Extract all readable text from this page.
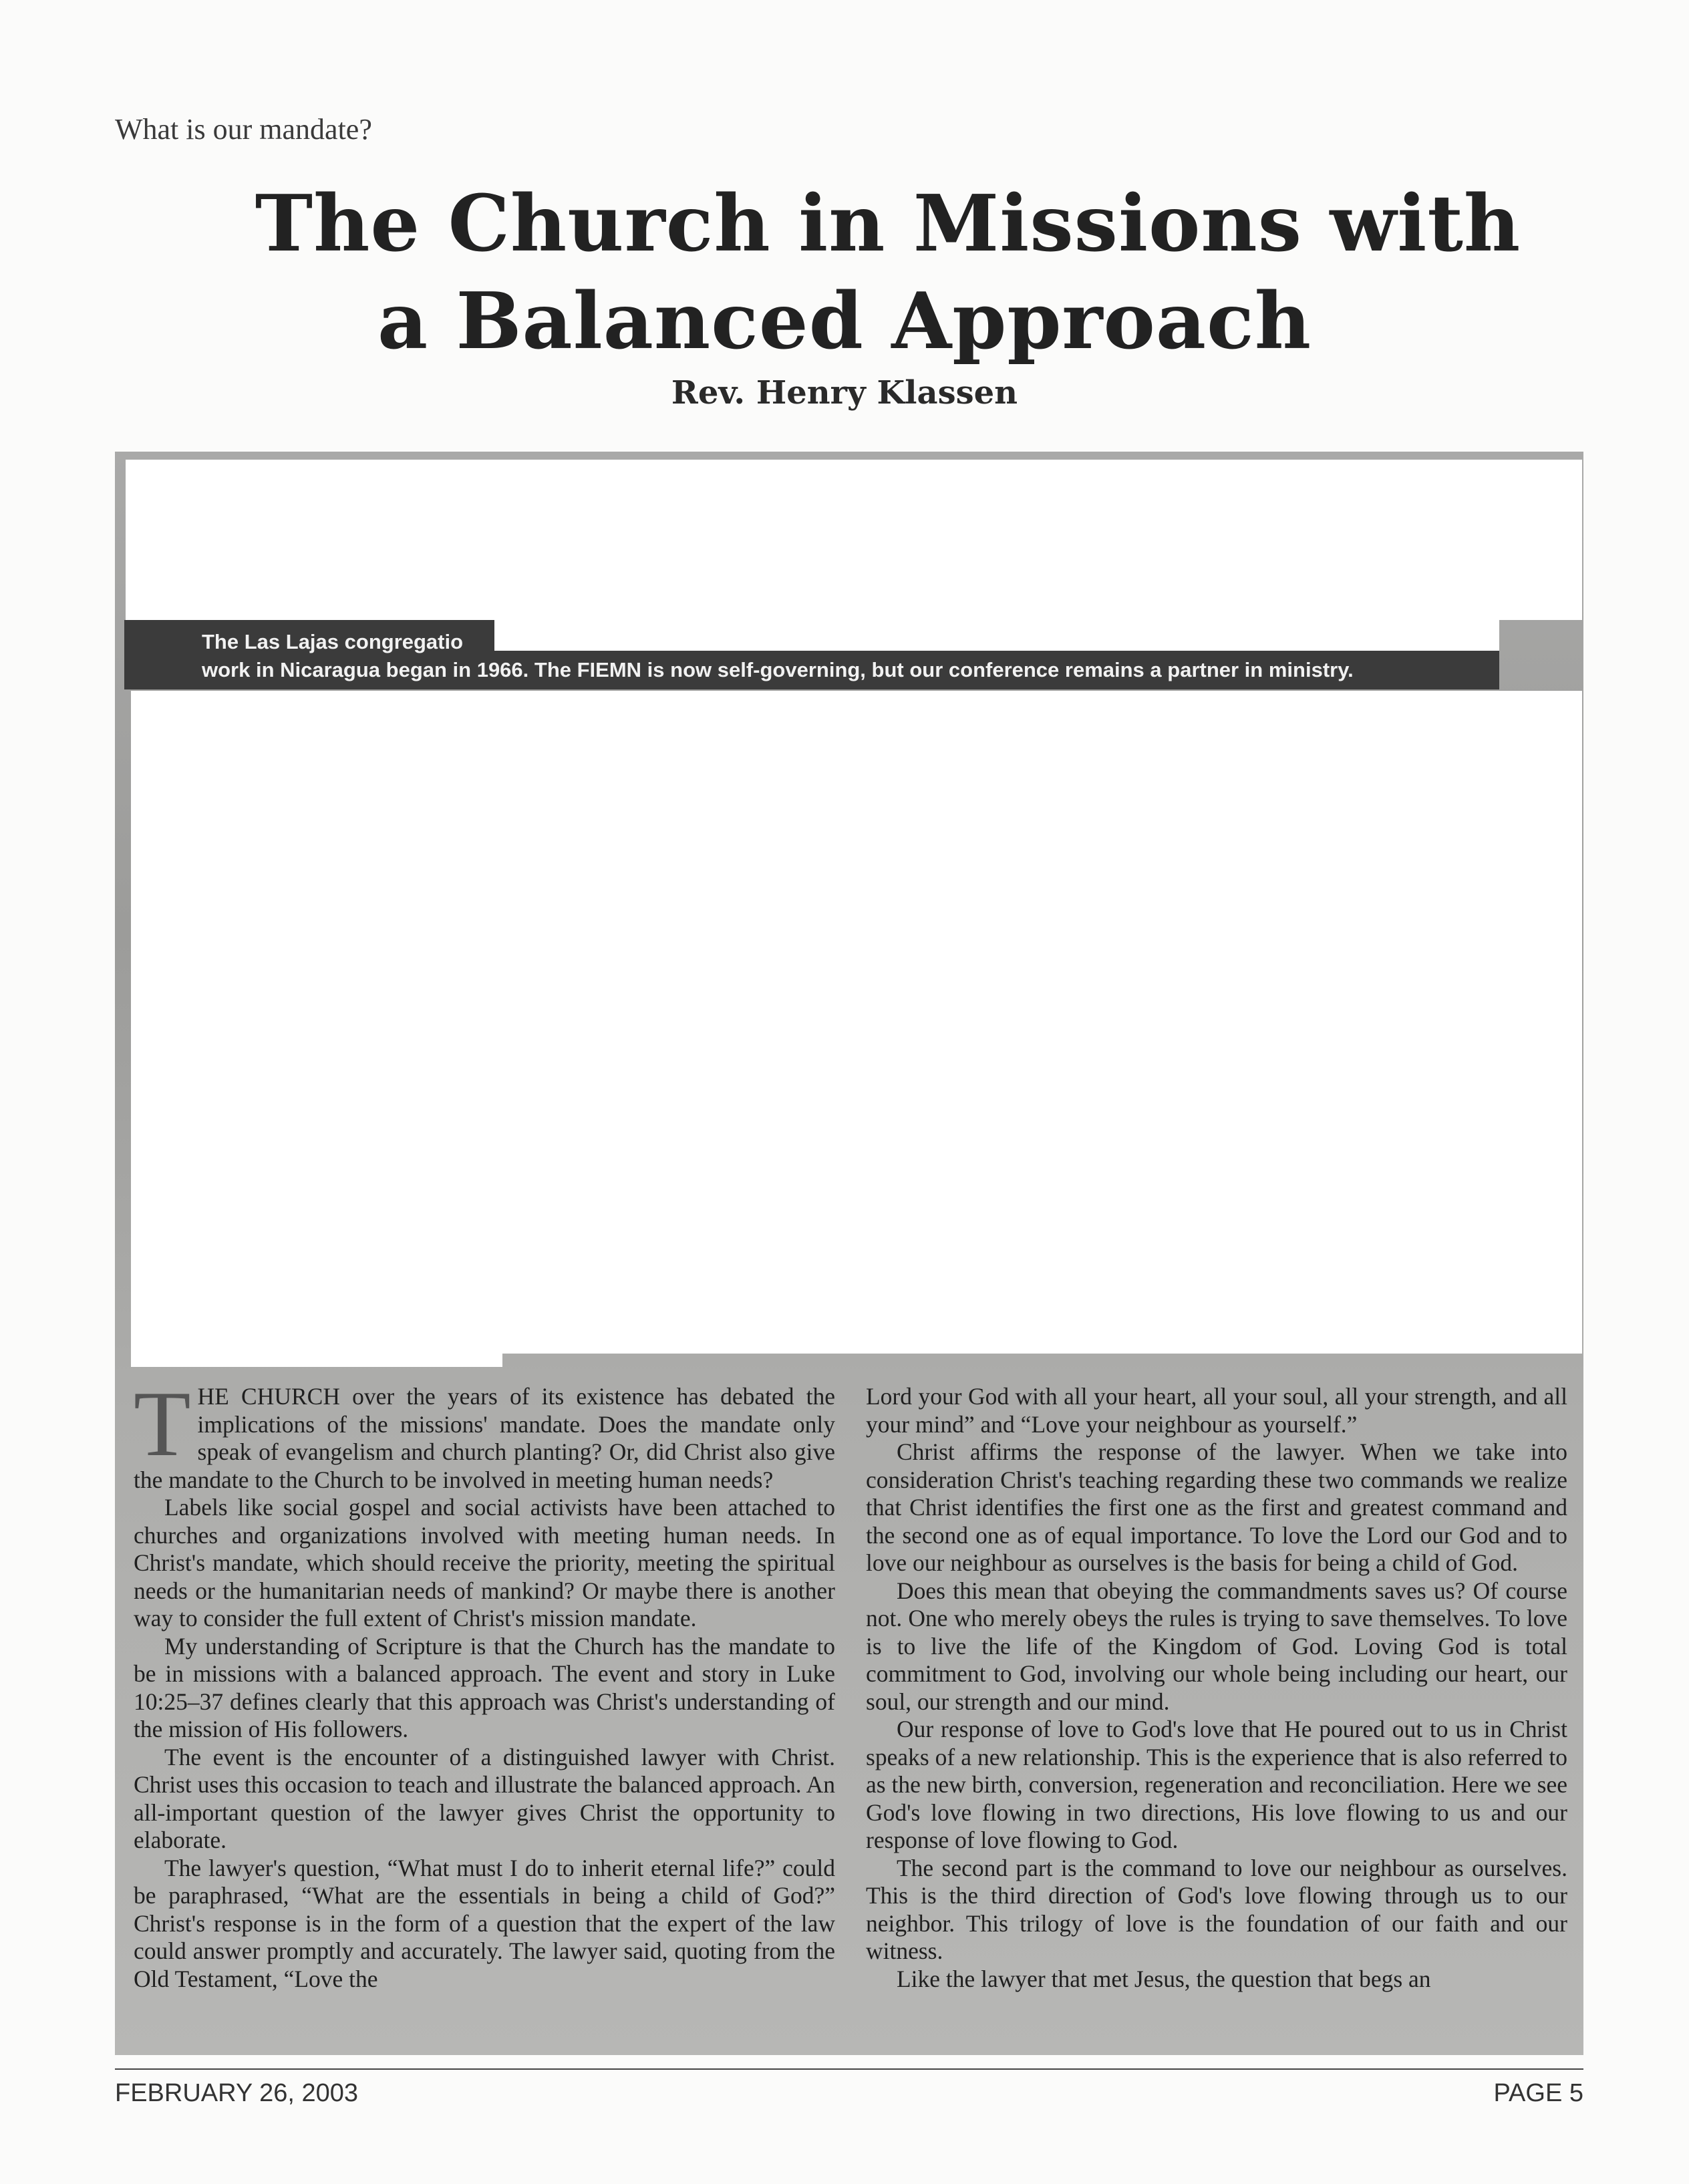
What is our mandate?
The Church in Missions with
a Balanced Approach
Rev. Henry Klassen
The Las Lajas congregatio
work in Nicaragua began in 1966. The FIEMN is now self-governing, but our conference remains a partner in ministry.

THE CHURCH over the years of its existence has debated the implications of the missions' mandate. Does the mandate only speak of evangelism and church planting? Or, did Christ also give the mandate to the Church to be involved in meeting human needs?

Labels like social gospel and social activists have been attached to churches and organizations involved with meeting human needs. In Christ's mandate, which should receive the priority, meeting the spiritual needs or the humanitarian needs of mankind? Or maybe there is another way to consider the full extent of Christ's mission mandate.

My understanding of Scripture is that the Church has the mandate to be in missions with a balanced approach. The event and story in Luke 10:25–37 defines clearly that this approach was Christ's understanding of the mission of His followers.

The event is the encounter of a distinguished lawyer with Christ. Christ uses this occasion to teach and illustrate the balanced approach. An all-important question of the lawyer gives Christ the opportunity to elaborate.

The lawyer's question, “What must I do to inherit eternal life?” could be paraphrased, “What are the essentials in being a child of God?” Christ's response is in the form of a question that the expert of the law could answer promptly and accurately. The lawyer said, quoting from the Old Testament, “Love the

Lord your God with all your heart, all your soul, all your strength, and all your mind” and “Love your neighbour as yourself.”

Christ affirms the response of the lawyer. When we take into consideration Christ's teaching regarding these two commands we realize that Christ identifies the first one as the first and greatest command and the second one as of equal importance. To love the Lord our God and to love our neighbour as ourselves is the basis for being a child of God.

Does this mean that obeying the commandments saves us? Of course not. One who merely obeys the rules is trying to save themselves. To love is to live the life of the Kingdom of God. Loving God is total commitment to God, involving our whole being including our heart, our soul, our strength and our mind.

Our response of love to God's love that He poured out to us in Christ speaks of a new relationship. This is the experience that is also referred to as the new birth, conversion, regeneration and reconciliation. Here we see God's love flowing in two directions, His love flowing to us and our response of love flowing to God.

The second part is the command to love our neighbour as ourselves. This is the third direction of God's love flowing through us to our neighbor. This trilogy of love is the foundation of our faith and our witness.

Like the lawyer that met Jesus, the question that begs an

FEBRUARY 26, 2003	PAGE 5
